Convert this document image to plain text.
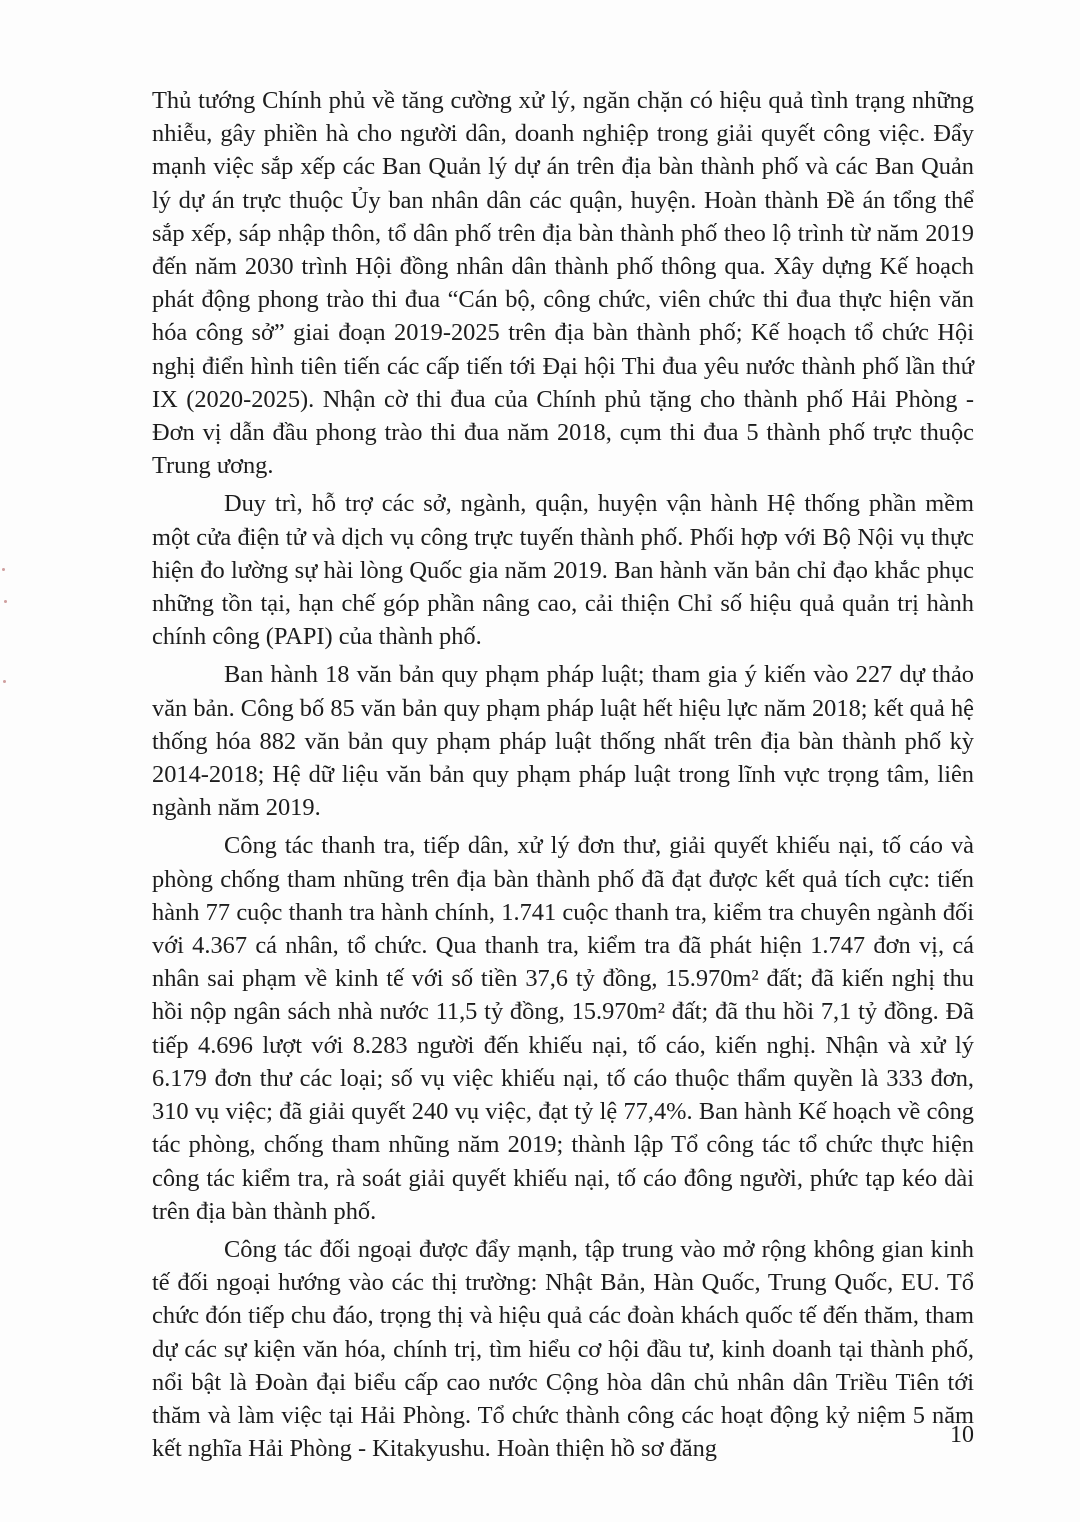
Thủ tướng Chính phủ về tăng cường xử lý, ngăn chặn có hiệu quả tình trạng những nhiễu, gây phiền hà cho người dân, doanh nghiệp trong giải quyết công việc. Đẩy mạnh việc sắp xếp các Ban Quản lý dự án trên địa bàn thành phố và các Ban Quản lý dự án trực thuộc Ủy ban nhân dân các quận, huyện. Hoàn thành Đề án tổng thể sắp xếp, sáp nhập thôn, tổ dân phố trên địa bàn thành phố theo lộ trình từ năm 2019 đến năm 2030 trình Hội đồng nhân dân thành phố thông qua. Xây dựng Kế hoạch phát động phong trào thi đua “Cán bộ, công chức, viên chức thi đua thực hiện văn hóa công sở” giai đoạn 2019-2025 trên địa bàn thành phố; Kế hoạch tổ chức Hội nghị điển hình tiên tiến các cấp tiến tới Đại hội Thi đua yêu nước thành phố lần thứ IX (2020-2025). Nhận cờ thi đua của Chính phủ tặng cho thành phố Hải Phòng - Đơn vị dẫn đầu phong trào thi đua năm 2018, cụm thi đua 5 thành phố trực thuộc Trung ương.

Duy trì, hỗ trợ các sở, ngành, quận, huyện vận hành Hệ thống phần mềm một cửa điện tử và dịch vụ công trực tuyến thành phố. Phối hợp với Bộ Nội vụ thực hiện đo lường sự hài lòng Quốc gia năm 2019. Ban hành văn bản chỉ đạo khắc phục những tồn tại, hạn chế góp phần nâng cao, cải thiện Chỉ số hiệu quả quản trị hành chính công (PAPI) của thành phố.

Ban hành 18 văn bản quy phạm pháp luật; tham gia ý kiến vào 227 dự thảo văn bản. Công bố 85 văn bản quy phạm pháp luật hết hiệu lực năm 2018; kết quả hệ thống hóa 882 văn bản quy phạm pháp luật thống nhất trên địa bàn thành phố kỳ 2014-2018; Hệ dữ liệu văn bản quy phạm pháp luật trong lĩnh vực trọng tâm, liên ngành năm 2019.

Công tác thanh tra, tiếp dân, xử lý đơn thư, giải quyết khiếu nại, tố cáo và phòng chống tham nhũng trên địa bàn thành phố đã đạt được kết quả tích cực: tiến hành 77 cuộc thanh tra hành chính, 1.741 cuộc thanh tra, kiểm tra chuyên ngành đối với 4.367 cá nhân, tổ chức. Qua thanh tra, kiểm tra đã phát hiện 1.747 đơn vị, cá nhân sai phạm về kinh tế với số tiền 37,6 tỷ đồng, 15.970m² đất; đã kiến nghị thu hồi nộp ngân sách nhà nước 11,5 tỷ đồng, 15.970m² đất; đã thu hồi 7,1 tỷ đồng. Đã tiếp 4.696 lượt với 8.283 người đến khiếu nại, tố cáo, kiến nghị. Nhận và xử lý 6.179 đơn thư các loại; số vụ việc khiếu nại, tố cáo thuộc thẩm quyền là 333 đơn, 310 vụ việc; đã giải quyết 240 vụ việc, đạt tỷ lệ 77,4%. Ban hành Kế hoạch về công tác phòng, chống tham nhũng năm 2019; thành lập Tổ công tác tổ chức thực hiện công tác kiểm tra, rà soát giải quyết khiếu nại, tố cáo đông người, phức tạp kéo dài trên địa bàn thành phố.

Công tác đối ngoại được đẩy mạnh, tập trung vào mở rộng không gian kinh tế đối ngoại hướng vào các thị trường: Nhật Bản, Hàn Quốc, Trung Quốc, EU. Tổ chức đón tiếp chu đáo, trọng thị và hiệu quả các đoàn khách quốc tế đến thăm, tham dự các sự kiện văn hóa, chính trị, tìm hiểu cơ hội đầu tư, kinh doanh tại thành phố, nổi bật là Đoàn đại biểu cấp cao nước Cộng hòa dân chủ nhân dân Triều Tiên tới thăm và làm việc tại Hải Phòng. Tổ chức thành công các hoạt động kỷ niệm 5 năm kết nghĩa Hải Phòng - Kitakyushu. Hoàn thiện hồ sơ đăng

10
